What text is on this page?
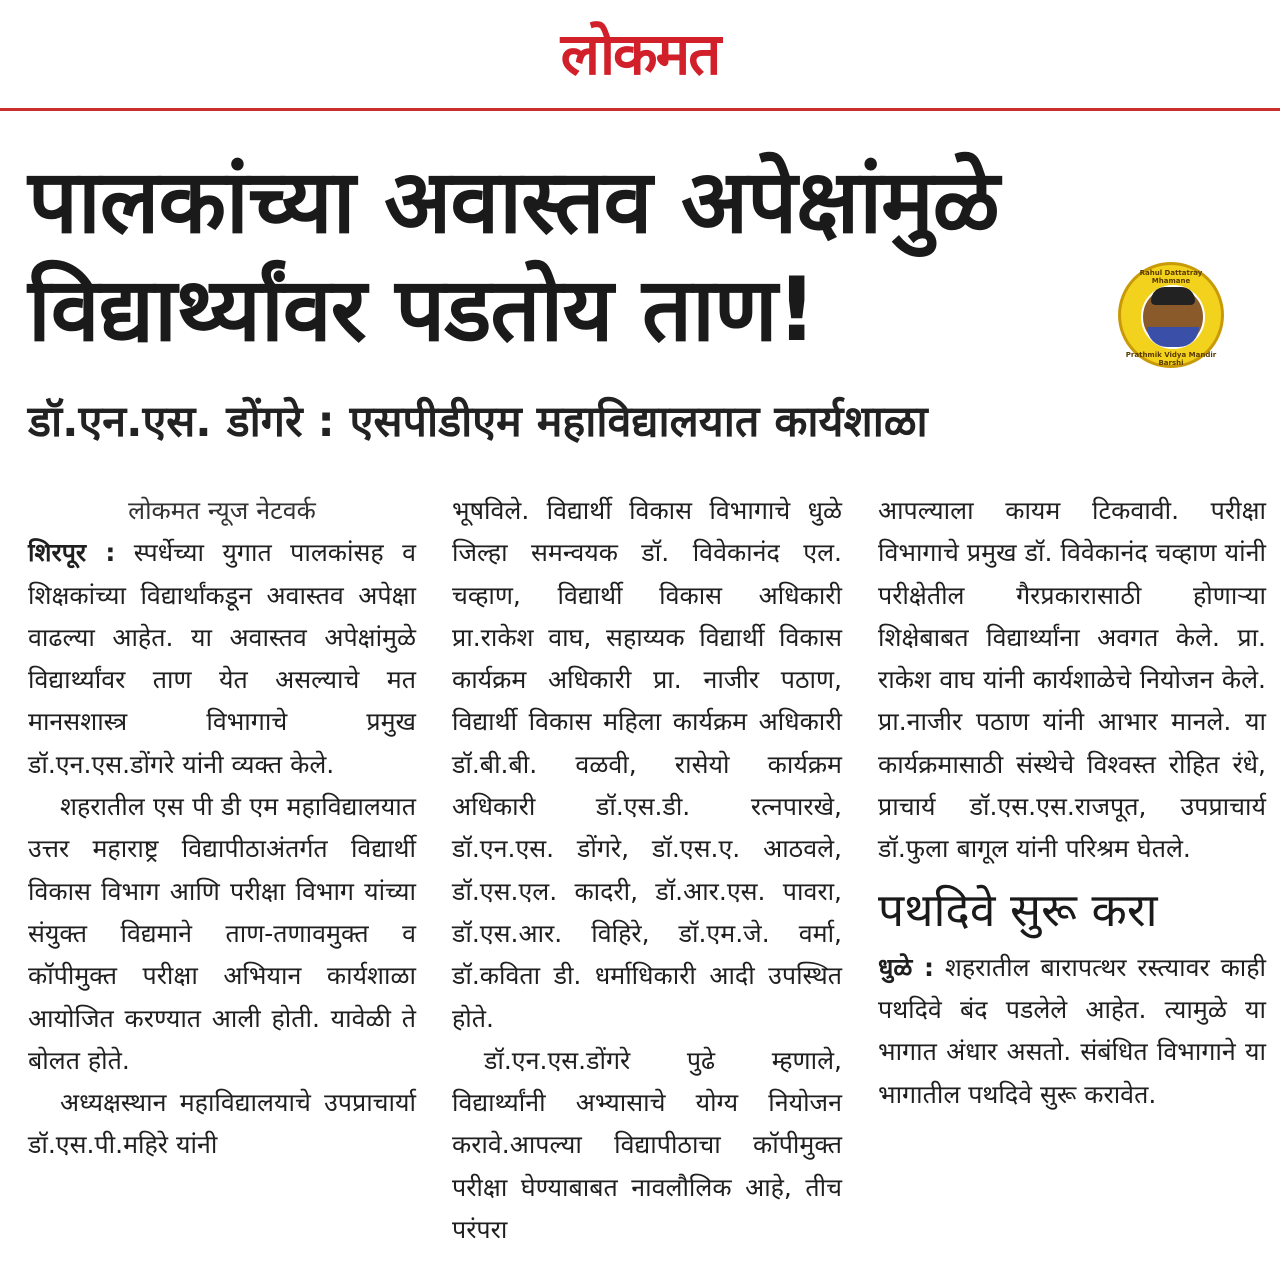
लोकमत
पालकांच्या अवास्तव अपेक्षांमुळे
विद्यार्थ्यांवर पडतोय ताण!	Rahul Dattatray Mhamane
Prathmik Vidya Mandir Barshi
डॉ.एन.एस. डोंगरे : एसपीडीएम महाविद्यालयात कार्यशाळा

लोकमत न्यूज नेटवर्क

शिरपूर : स्पर्धेच्या युगात पालकांसह व शिक्षकांच्या विद्यार्थांकडून अवास्तव अपेक्षा वाढल्या आहेत. या अवास्तव अपेक्षांमुळे विद्यार्थ्यांवर ताण येत असल्याचे मत मानसशास्त्र विभागाचे प्रमुख डॉ.एन.एस.डोंगरे यांनी व्यक्त केले.

शहरातील एस पी डी एम महाविद्यालयात उत्तर महाराष्ट्र विद्यापीठाअंतर्गत विद्यार्थी विकास विभाग आणि परीक्षा विभाग यांच्या संयुक्त विद्यमाने ताण-तणावमुक्त व कॉपीमुक्त परीक्षा अभियान कार्यशाळा आयोजित करण्यात आली होती. यावेळी ते बोलत होते.

अध्यक्षस्थान महाविद्यालयाचे उपप्राचार्या डॉ.एस.पी.महिरे यांनी

भूषविले. विद्यार्थी विकास विभागाचे धुळे जिल्हा समन्वयक डॉ. विवेकानंद एल. चव्हाण, विद्यार्थी विकास अधिकारी प्रा.राकेश वाघ, सहाय्यक विद्यार्थी विकास कार्यक्रम अधिकारी प्रा. नाजीर पठाण, विद्यार्थी विकास महिला कार्यक्रम अधिकारी डॉ.बी.बी. वळवी, रासेयो कार्यक्रम अधिकारी डॉ.एस.डी. रत्नपारखे, डॉ.एन.एस. डोंगरे, डॉ.एस.ए. आठवले, डॉ.एस.एल. कादरी, डॉ.आर.एस. पावरा, डॉ.एस.आर. विहिरे, डॉ.एम.जे. वर्मा, डॉ.कविता डी. धर्माधिकारी आदी उपस्थित होते.

डॉ.एन.एस.डोंगरे पुढे म्हणाले, विद्यार्थ्यांनी अभ्यासाचे योग्य नियोजन करावे.आपल्या विद्यापीठाचा कॉपीमुक्त परीक्षा घेण्याबाबत नावलौलिक आहे, तीच परंपरा

आपल्याला कायम टिकवावी. परीक्षा विभागाचे प्रमुख डॉ. विवेकानंद चव्हाण यांनी परीक्षेतील गैरप्रकारासाठी होणाऱ्या शिक्षेबाबत विद्यार्थ्यांना अवगत केले. प्रा. राकेश वाघ यांनी कार्यशाळेचे नियोजन केले. प्रा.नाजीर पठाण यांनी आभार मानले. या कार्यक्रमासाठी संस्थेचे विश्वस्त रोहित रंधे, प्राचार्य डॉ.एस.एस.राजपूत, उपप्राचार्य डॉ.फुला बागूल यांनी परिश्रम घेतले.

पथदिवे सुरू करा

धुळे : शहरातील बारापत्थर रस्त्यावर काही पथदिवे बंद पडलेले आहेत. त्यामुळे या भागात अंधार असतो. संबंधित विभागाने या भागातील पथदिवे सुरू करावेत.
